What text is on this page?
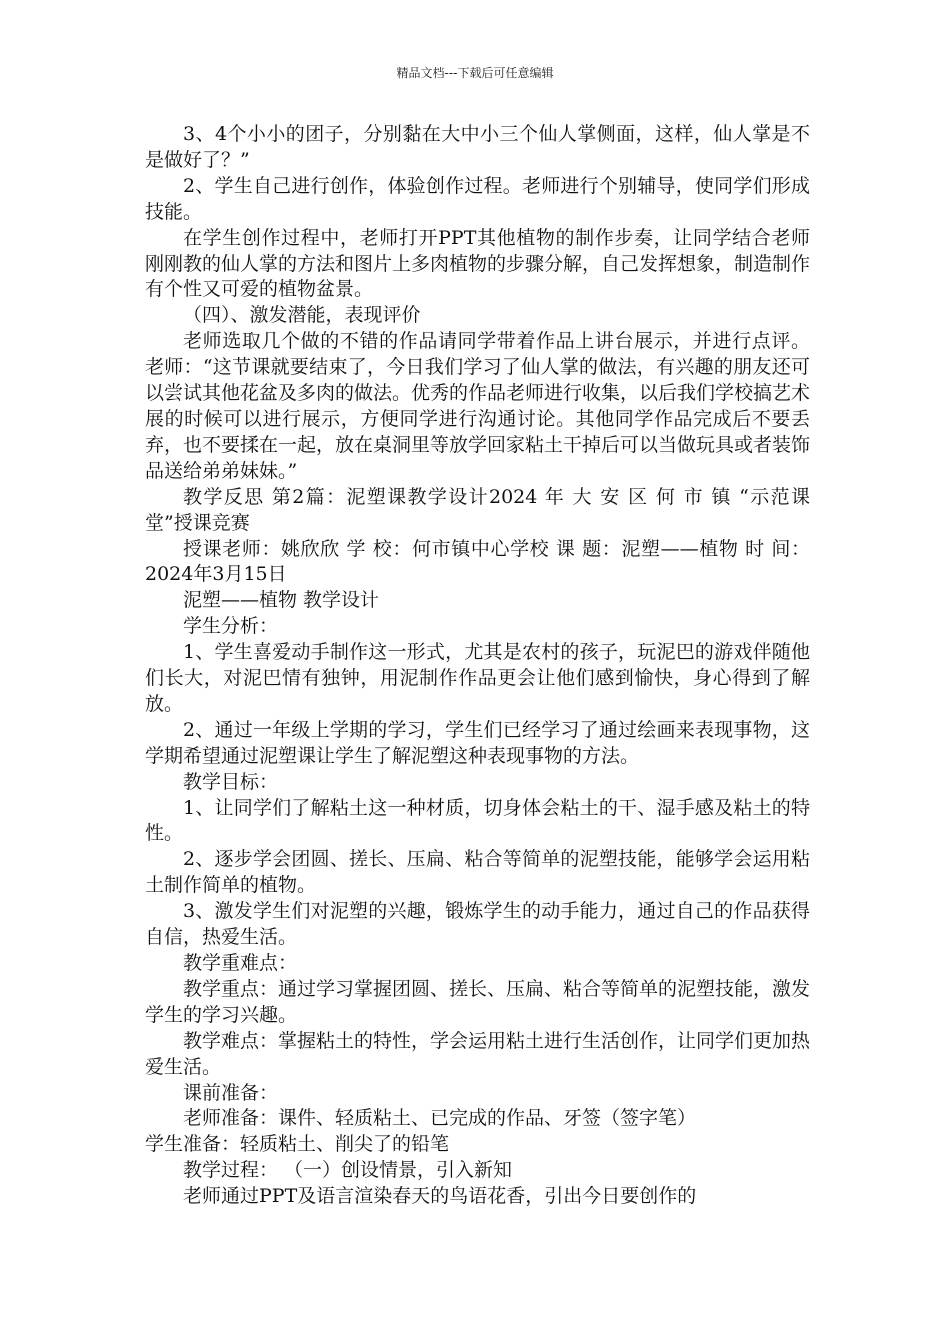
精品文档---下载后可任意编辑

3、4个小小的团子，分别黏在大中小三个仙人掌侧面，这样，仙人掌是不是做好了？”

2、学生自己进行创作，体验创作过程。老师进行个别辅导，使同学们形成技能。

在学生创作过程中，老师打开PPT其他植物的制作步奏，让同学结合老师刚刚教的仙人掌的方法和图片上多肉植物的步骤分解，自己发挥想象，制造制作有个性又可爱的植物盆景。

（四）、激发潜能，表现评价

老师选取几个做的不错的作品请同学带着作品上讲台展示，并进行点评。 老师：“这节课就要结束了，今日我们学习了仙人掌的做法，有兴趣的朋友还可以尝试其他花盆及多肉的做法。优秀的作品老师进行收集，以后我们学校搞艺术展的时候可以进行展示，方便同学进行沟通讨论。其他同学作品完成后不要丢弃，也不要揉在一起，放在桌洞里等放学回家粘土干掉后可以当做玩具或者装饰品送给弟弟妹妹。”

教学反思 第2篇：泥塑课教学设计2024 年 大 安 区 何 市 镇 “示范课堂”授课竞赛

授课老师：姚欣欣 学 校：何市镇中心学校 课 题：泥塑——植物 时 间：2024年3月15日

泥塑——植物 教学设计

学生分析：

1、学生喜爱动手制作这一形式，尤其是农村的孩子，玩泥巴的游戏伴随他们长大，对泥巴情有独钟，用泥制作作品更会让他们感到愉快，身心得到了解放。

2、通过一年级上学期的学习，学生们已经学习了通过绘画来表现事物，这学期希望通过泥塑课让学生了解泥塑这种表现事物的方法。

教学目标：

1、让同学们了解粘土这一种材质，切身体会粘土的干、湿手感及粘土的特性。

2、逐步学会团圆、搓长、压扁、粘合等简单的泥塑技能，能够学会运用粘土制作简单的植物。

3、激发学生们对泥塑的兴趣，锻炼学生的动手能力，通过自己的作品获得自信，热爱生活。

教学重难点：

教学重点：通过学习掌握团圆、搓长、压扁、粘合等简单的泥塑技能，激发学生的学习兴趣。

教学难点：掌握粘土的特性，学会运用粘土进行生活创作，让同学们更加热爱生活。

课前准备：

老师准备：课件、轻质粘土、已完成的作品、牙签（签字笔）

学生准备：轻质粘土、削尖了的铅笔

教学过程： （一）创设情景，引入新知

老师通过PPT及语言渲染春天的鸟语花香，引出今日要创作的
